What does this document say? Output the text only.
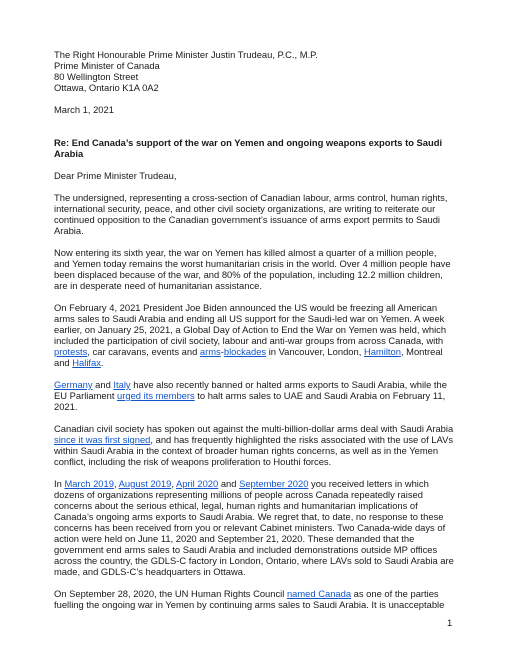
The Right Honourable Prime Minister Justin Trudeau, P.C., M.P.
Prime Minister of Canada
80 Wellington Street
Ottawa, Ontario K1A 0A2
March 1, 2021
Re: End Canada’s support of the war on Yemen and ongoing weapons exports to Saudi Arabia
Dear Prime Minister Trudeau,

The undersigned, representing a cross-section of Canadian labour, arms control, human rights, international security, peace, and other civil society organizations, are writing to reiterate our continued opposition to the Canadian government’s issuance of arms export permits to Saudi Arabia.

Now entering its sixth year, the war on Yemen has killed almost a quarter of a million people, and Yemen today remains the worst humanitarian crisis in the world. Over 4 million people have been displaced because of the war, and 80% of the population, including 12.2 million children, are in desperate need of humanitarian assistance.

On February 4, 2021 President Joe Biden announced the US would be freezing all American arms sales to Saudi Arabia and ending all US support for the Saudi-led war on Yemen. A week earlier, on January 25, 2021, a Global Day of Action to End the War on Yemen was held, which included the participation of civil society, labour and anti-war groups from across Canada, with protests, car caravans, events and arms-blockades in Vancouver, London, Hamilton, Montreal and Halifax.

Germany and Italy have also recently banned or halted arms exports to Saudi Arabia, while the EU Parliament urged its members to halt arms sales to UAE and Saudi Arabia on February 11, 2021.

Canadian civil society has spoken out against the multi-billion-dollar arms deal with Saudi Arabia since it was first signed, and has frequently highlighted the risks associated with the use of LAVs within Saudi Arabia in the context of broader human rights concerns, as well as in the Yemen conflict, including the risk of weapons proliferation to Houthi forces.

In March 2019, August 2019, April 2020 and September 2020 you received letters in which dozens of organizations representing millions of people across Canada repeatedly raised concerns about the serious ethical, legal, human rights and humanitarian implications of Canada’s ongoing arms exports to Saudi Arabia. We regret that, to date, no response to these concerns has been received from you or relevant Cabinet ministers. Two Canada-wide days of action were held on June 11, 2020 and September 21, 2020. These demanded that the government end arms sales to Saudi Arabia and included demonstrations outside MP offices across the country, the GDLS-C factory in London, Ontario, where LAVs sold to Saudi Arabia are made, and GDLS-C’s headquarters in Ottawa.

On September 28, 2020, the UN Human Rights Council named Canada as one of the parties fuelling the ongoing war in Yemen by continuing arms sales to Saudi Arabia. It is unacceptable

1
